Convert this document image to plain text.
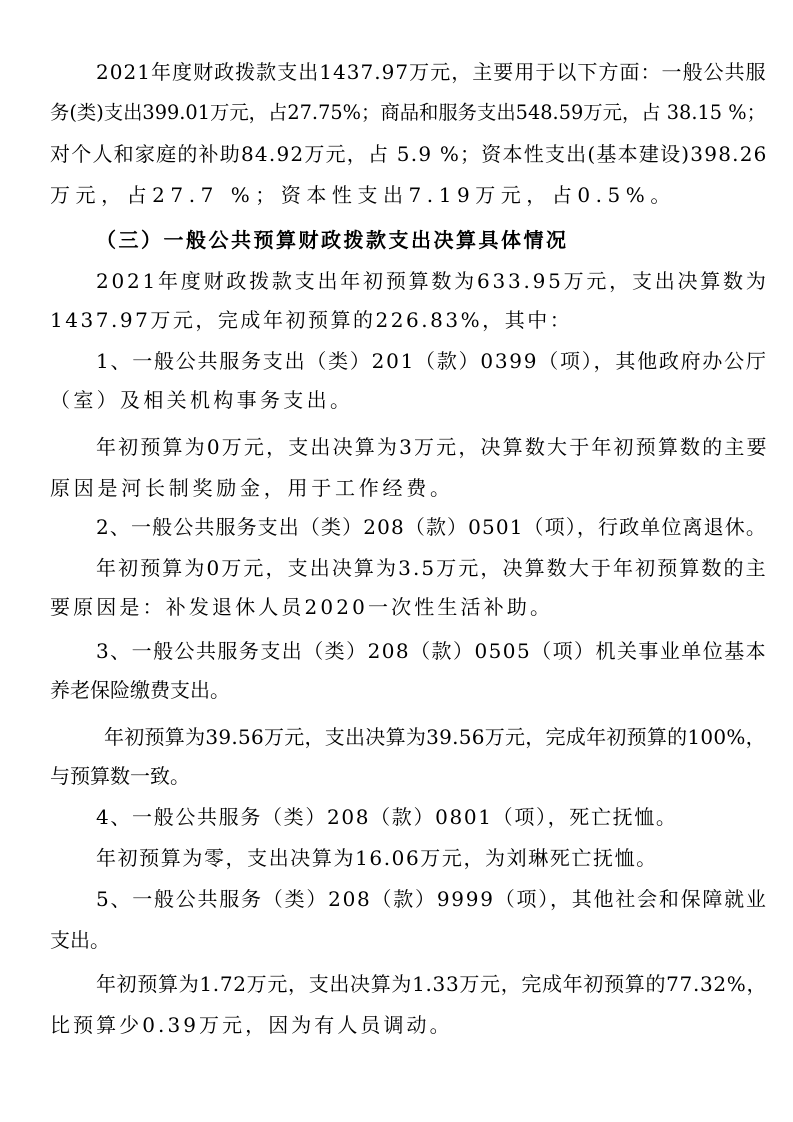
2021年度财政拨款支出1437.97万元，主要用于以下方面：一般公共服
务(类)支出399.01万元，占27.75%；商品和服务支出548.59万元，占 38.15 %；
对个人和家庭的补助84.92万元，占 5.9 %；资本性支出(基本建设)398.26
万元，占27.7 %；资本性支出7.19万元，占0.5%。
（三）一般公共预算财政拨款支出决算具体情况
2021年度财政拨款支出年初预算数为633.95万元，支出决算数为
1437.97万元，完成年初预算的226.83%，其中：
1、一般公共服务支出（类）201（款）0399（项），其他政府办公厅
（室）及相关机构事务支出。
年初预算为0万元，支出决算为3万元，决算数大于年初预算数的主要
原因是河长制奖励金，用于工作经费。
2、一般公共服务支出（类）208（款）0501（项），行政单位离退休。
年初预算为0万元，支出决算为3.5万元，决算数大于年初预算数的主
要原因是：补发退休人员2020一次性生活补助。
3、一般公共服务支出（类）208（款）0505（项）机关事业单位基本
养老保险缴费支出。
年初预算为39.56万元，支出决算为39.56万元，完成年初预算的100%，
与预算数一致。
4、一般公共服务（类）208（款）0801（项），死亡抚恤。
年初预算为零，支出决算为16.06万元，为刘琳死亡抚恤。
5、一般公共服务（类）208（款）9999（项），其他社会和保障就业
支出。
年初预算为1.72万元，支出决算为1.33万元，完成年初预算的77.32%，
比预算少0.39万元，因为有人员调动。
